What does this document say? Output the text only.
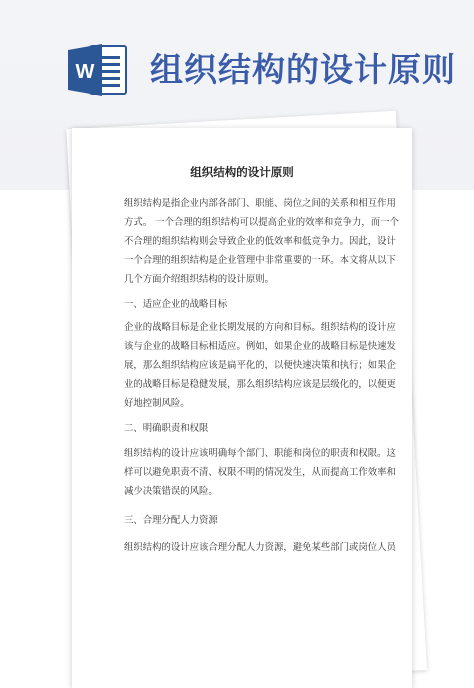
W 组织结构的设计原则
组织结构的设计原则
组织结构是指企业内部各部门、职能、岗位之间的关系和相互作用
方式。 一个合理的组织结构可以提高企业的效率和竞争力，而一个
不合理的组织结构则会导致企业的低效率和低竞争力。因此，设计
一个合理的组织结构是企业管理中非常重要的一环。本文将从以下
几个方面介绍组织结构的设计原则。
一、适应企业的战略目标
企业的战略目标是企业长期发展的方向和目标。组织结构的设计应
该与企业的战略目标相适应。例如，如果企业的战略目标是快速发
展，那么组织结构应该是扁平化的，以便快速决策和执行；如果企
业的战略目标是稳健发展，那么组织结构应该是层级化的，以便更
好地控制风险。
二、明确职责和权限
组织结构的设计应该明确每个部门、职能和岗位的职责和权限。这
样可以避免职责不清、权限不明的情况发生，从而提高工作效率和
减少决策错误的风险。
三、合理分配人力资源
组织结构的设计应该合理分配人力资源，避免某些部门或岗位人员
